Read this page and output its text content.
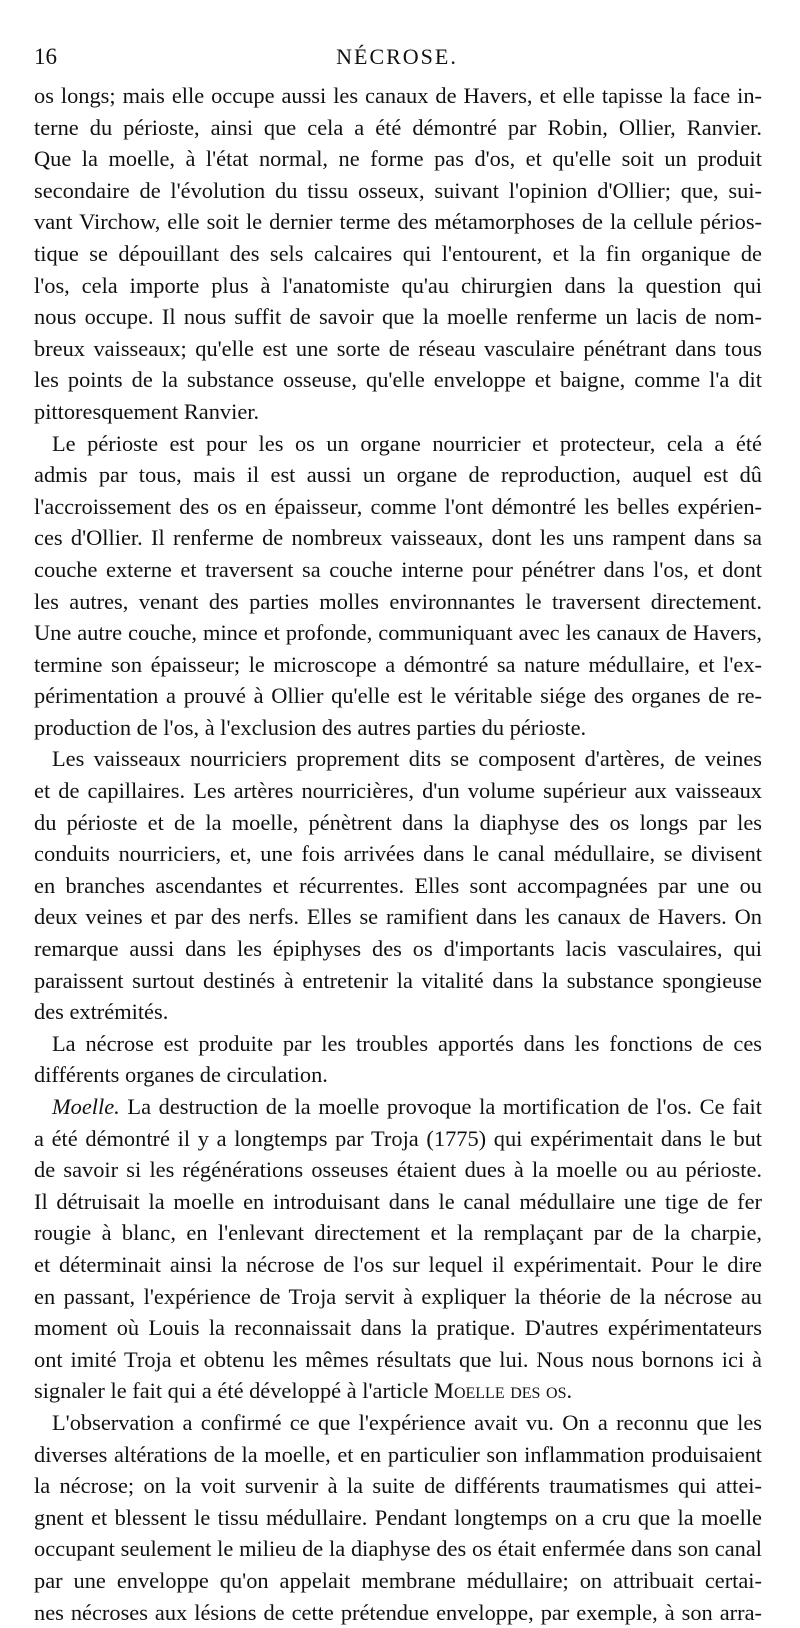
16	NÉCROSE.
os longs; mais elle occupe aussi les canaux de Havers, et elle tapisse la face in-
terne du périoste, ainsi que cela a été démontré par Robin, Ollier, Ranvier.
Que la moelle, à l'état normal, ne forme pas d'os, et qu'elle soit un produit
secondaire de l'évolution du tissu osseux, suivant l'opinion d'Ollier; que, sui-
vant Virchow, elle soit le dernier terme des métamorphoses de la cellule périos-
tique se dépouillant des sels calcaires qui l'entourent, et la fin organique de
l'os, cela importe plus à l'anatomiste qu'au chirurgien dans la question qui
nous occupe. Il nous suffit de savoir que la moelle renferme un lacis de nom-
breux vaisseaux; qu'elle est une sorte de réseau vasculaire pénétrant dans tous
les points de la substance osseuse, qu'elle enveloppe et baigne, comme l'a dit
pittoresquement Ranvier.
Le périoste est pour les os un organe nourricier et protecteur, cela a été
admis par tous, mais il est aussi un organe de reproduction, auquel est dû
l'accroissement des os en épaisseur, comme l'ont démontré les belles expérien-
ces d'Ollier. Il renferme de nombreux vaisseaux, dont les uns rampent dans sa
couche externe et traversent sa couche interne pour pénétrer dans l'os, et dont
les autres, venant des parties molles environnantes le traversent directement.
Une autre couche, mince et profonde, communiquant avec les canaux de Havers,
termine son épaisseur; le microscope a démontré sa nature médullaire, et l'ex-
périmentation a prouvé à Ollier qu'elle est le véritable siége des organes de re-
production de l'os, à l'exclusion des autres parties du périoste.
Les vaisseaux nourriciers proprement dits se composent d'artères, de veines
et de capillaires. Les artères nourricières, d'un volume supérieur aux vaisseaux
du périoste et de la moelle, pénètrent dans la diaphyse des os longs par les
conduits nourriciers, et, une fois arrivées dans le canal médullaire, se divisent
en branches ascendantes et récurrentes. Elles sont accompagnées par une ou
deux veines et par des nerfs. Elles se ramifient dans les canaux de Havers. On
remarque aussi dans les épiphyses des os d'importants lacis vasculaires, qui
paraissent surtout destinés à entretenir la vitalité dans la substance spongieuse
des extrémités.
La nécrose est produite par les troubles apportés dans les fonctions de ces
différents organes de circulation.
Moelle. La destruction de la moelle provoque la mortification de l'os. Ce fait
a été démontré il y a longtemps par Troja (1775) qui expérimentait dans le but
de savoir si les régénérations osseuses étaient dues à la moelle ou au périoste.
Il détruisait la moelle en introduisant dans le canal médullaire une tige de fer
rougie à blanc, en l'enlevant directement et la remplaçant par de la charpie,
et déterminait ainsi la nécrose de l'os sur lequel il expérimentait. Pour le dire
en passant, l'expérience de Troja servit à expliquer la théorie de la nécrose au
moment où Louis la reconnaissait dans la pratique. D'autres expérimentateurs
ont imité Troja et obtenu les mêmes résultats que lui. Nous nous bornons ici à
signaler le fait qui a été développé à l'article Moelle des os.
L'observation a confirmé ce que l'expérience avait vu. On a reconnu que les
diverses altérations de la moelle, et en particulier son inflammation produisaient
la nécrose; on la voit survenir à la suite de différents traumatismes qui attei-
gnent et blessent le tissu médullaire. Pendant longtemps on a cru que la moelle
occupant seulement le milieu de la diaphyse des os était enfermée dans son canal
par une enveloppe qu'on appelait membrane médullaire; on attribuait certai-
nes nécroses aux lésions de cette prétendue enveloppe, par exemple, à son arra-
